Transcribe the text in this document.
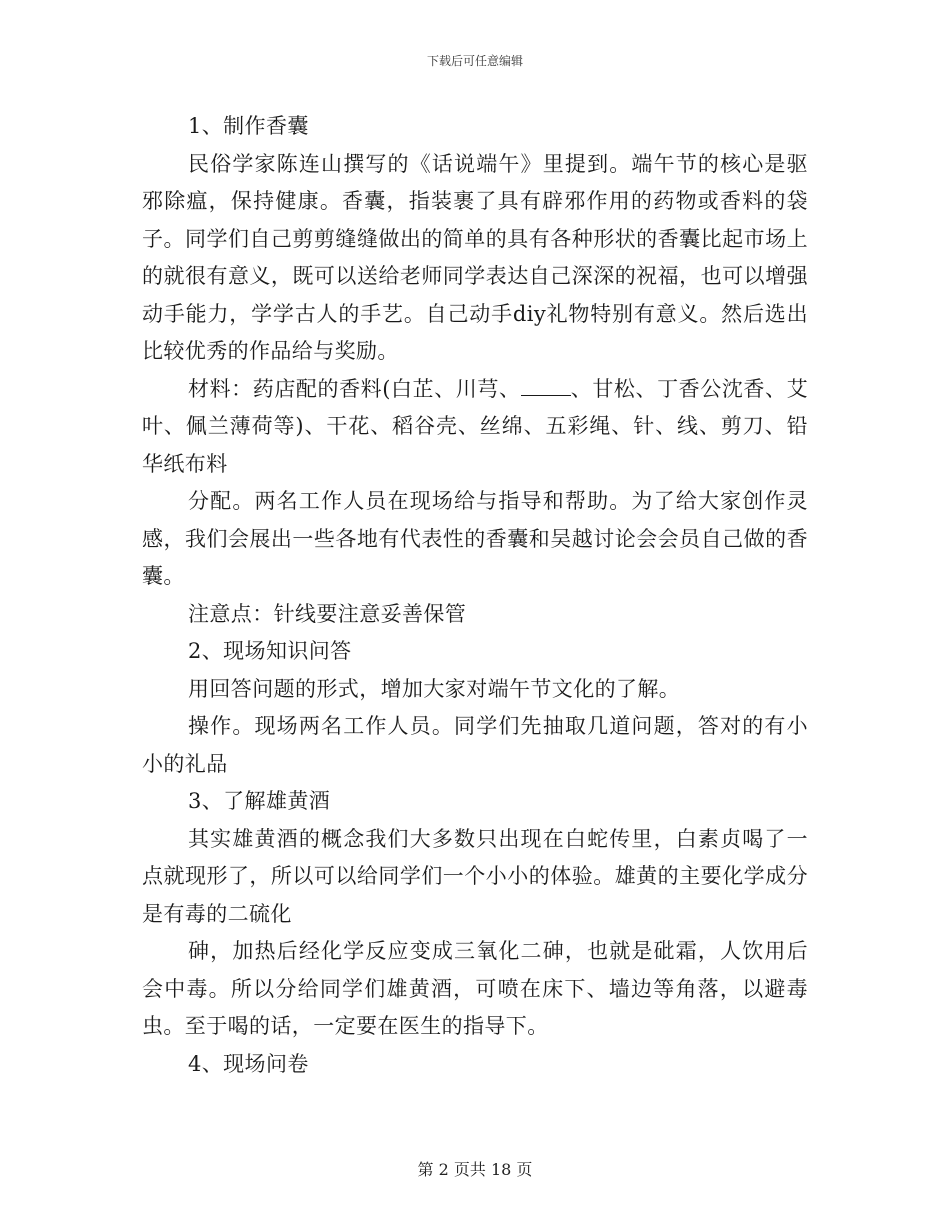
下载后可任意编辑

1、制作香囊

民俗学家陈连山撰写的《话说端午》里提到。端午节的核心是驱邪除瘟，保持健康。香囊，指装裹了具有辟邪作用的药物或香料的袋子。同学们自己剪剪缝缝做出的简单的具有各种形状的香囊比起市场上的就很有意义，既可以送给老师同学表达自己深深的祝福，也可以增强动手能力，学学古人的手艺。自己动手diy礼物特别有意义。然后选出比较优秀的作品给与奖励。

材料：药店配的香料(白芷、川芎、 、甘松、丁香公沈香、艾叶、佩兰薄荷等)、干花、稻谷壳、丝绵、五彩绳、针、线、剪刀、铅华纸布料

分配。两名工作人员在现场给与指导和帮助。为了给大家创作灵感，我们会展出一些各地有代表性的香囊和吴越讨论会会员自己做的香囊。

注意点：针线要注意妥善保管

2、现场知识问答

用回答问题的形式，增加大家对端午节文化的了解。

操作。现场两名工作人员。同学们先抽取几道问题，答对的有小小的礼品

3、了解雄黄酒

其实雄黄酒的概念我们大多数只出现在白蛇传里，白素贞喝了一点就现形了，所以可以给同学们一个小小的体验。雄黄的主要化学成分是有毒的二硫化

砷，加热后经化学反应变成三氧化二砷，也就是砒霜，人饮用后会中毒。所以分给同学们雄黄酒，可喷在床下、墙边等角落，以避毒虫。至于喝的话，一定要在医生的指导下。

4、现场问卷

第 2 页共 18 页
